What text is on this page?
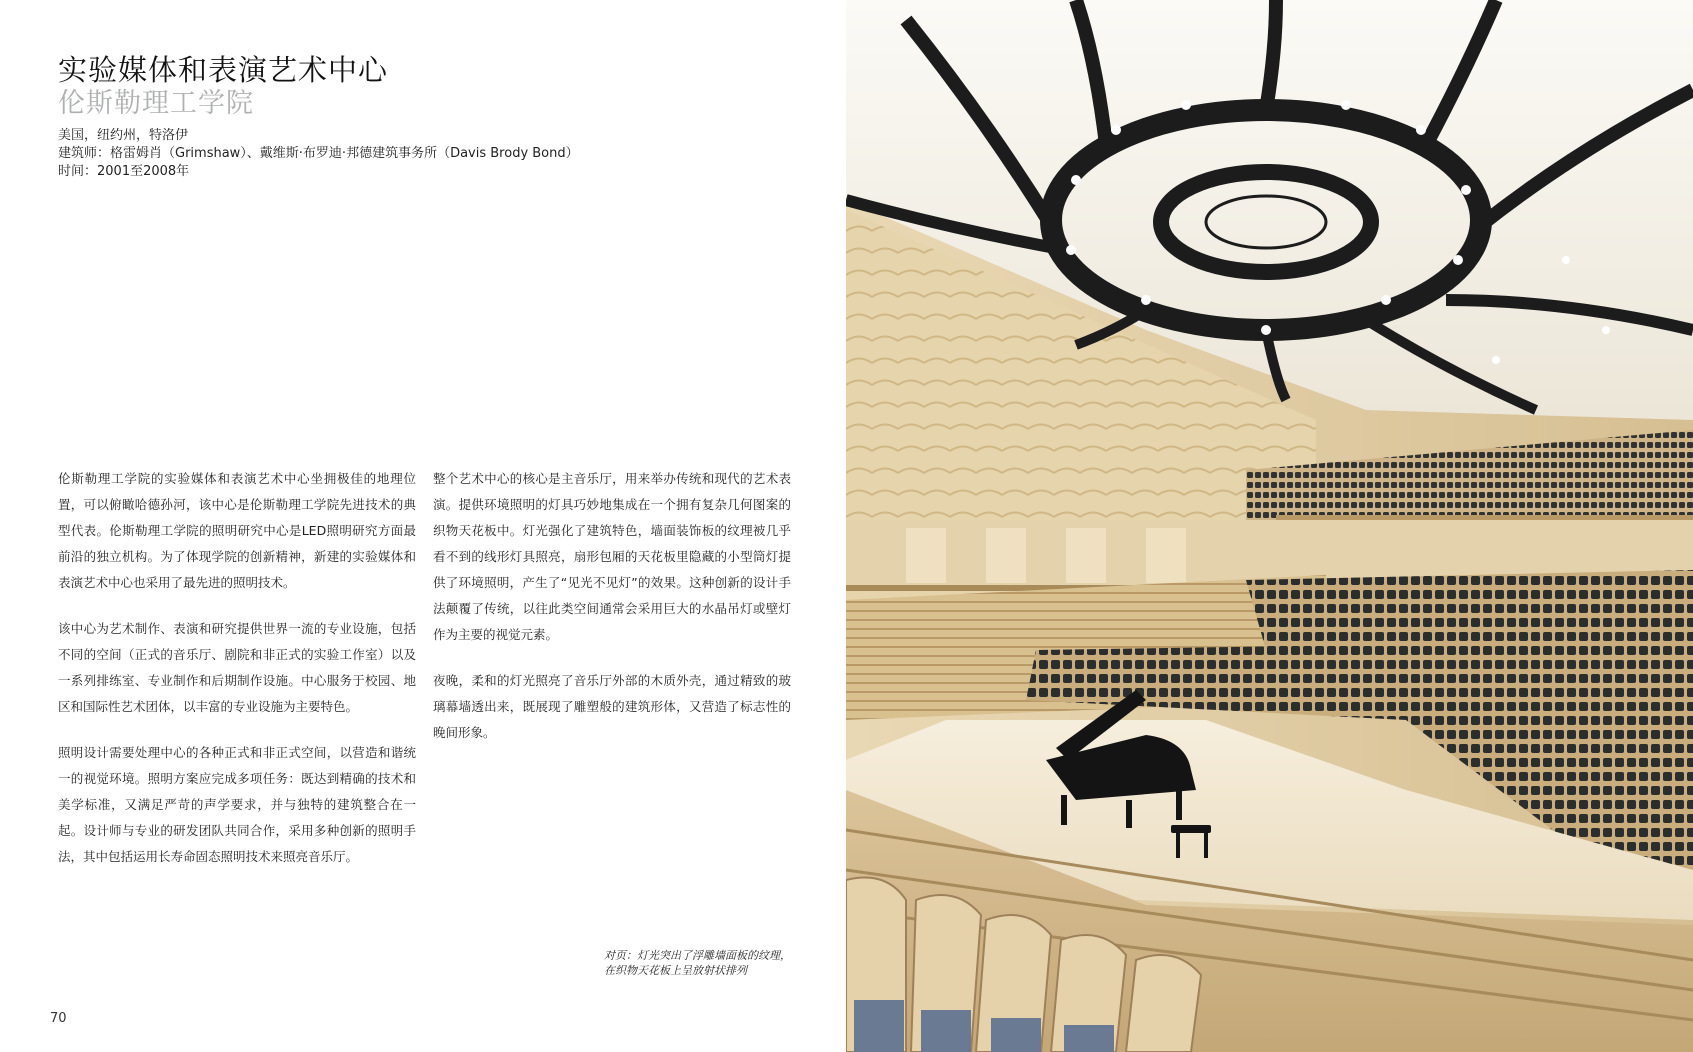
实验媒体和表演艺术中心
伦斯勒理工学院
美国，纽约州，特洛伊
建筑师：格雷姆肖（Grimshaw）、戴维斯·布罗迪·邦德建筑事务所（Davis Brody Bond）
时间：2001至2008年

伦斯勒理工学院的实验媒体和表演艺术中心坐拥极佳的地理位置，可以俯瞰哈德孙河，该中心是伦斯勒理工学院先进技术的典型代表。伦斯勒理工学院的照明研究中心是LED照明研究方面最前沿的独立机构。为了体现学院的创新精神，新建的实验媒体和表演艺术中心也采用了最先进的照明技术。

该中心为艺术制作、表演和研究提供世界一流的专业设施，包括不同的空间（正式的音乐厅、剧院和非正式的实验工作室）以及一系列排练室、专业制作和后期制作设施。中心服务于校园、地区和国际性艺术团体，以丰富的专业设施为主要特色。

照明设计需要处理中心的各种正式和非正式空间，以营造和谐统一的视觉环境。照明方案应完成多项任务：既达到精确的技术和美学标准，又满足严苛的声学要求，并与独特的建筑整合在一起。设计师与专业的研发团队共同合作，采用多种创新的照明手法，其中包括运用长寿命固态照明技术来照亮音乐厅。

整个艺术中心的核心是主音乐厅，用来举办传统和现代的艺术表演。提供环境照明的灯具巧妙地集成在一个拥有复杂几何图案的织物天花板中。灯光强化了建筑特色，墙面装饰板的纹理被几乎看不到的线形灯具照亮，扇形包厢的天花板里隐藏的小型筒灯提供了环境照明，产生了“见光不见灯”的效果。这种创新的设计手法颠覆了传统，以往此类空间通常会采用巨大的水晶吊灯或壁灯作为主要的视觉元素。

夜晚，柔和的灯光照亮了音乐厅外部的木质外壳，通过精致的玻璃幕墙透出来，既展现了雕塑般的建筑形体，又营造了标志性的晚间形象。

对页：灯光突出了浮雕墙面板的纹理，
在织物天花板上呈放射状排列
70
